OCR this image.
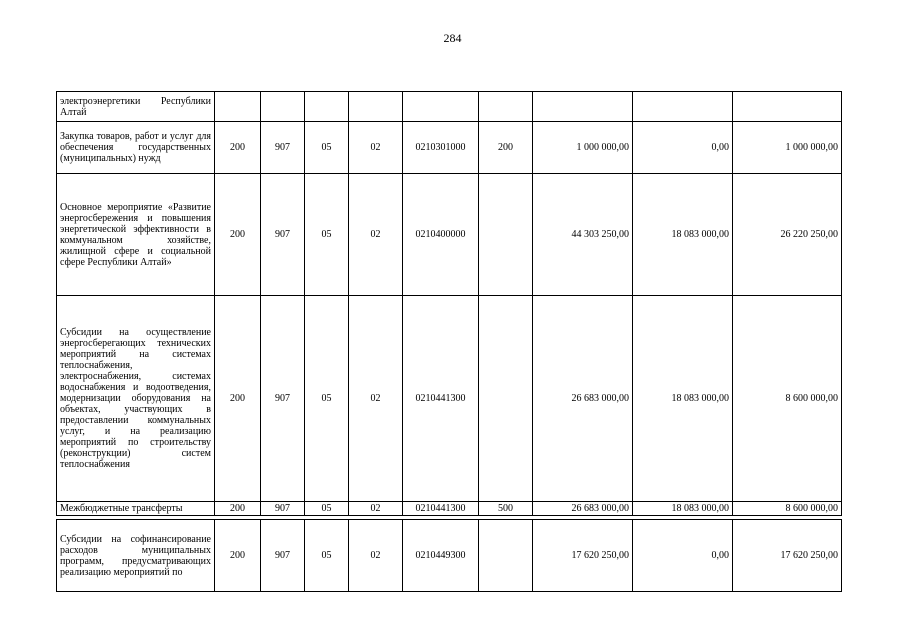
284
электроэнергетики Республики Алтай									
Закупка товаров, работ и услуг для обеспечения государственных (муниципальных) нужд	200	907	05	02	0210301000	200	1 000 000,00	0,00	1 000 000,00
Основное мероприятие «Развитие энергосбережения и повышения энергетической эффективности в коммунальном хозяйстве, жилищной сфере и социальной сфере Республики Алтай»	200	907	05	02	0210400000		44 303 250,00	18 083 000,00	26 220 250,00
Субсидии на осуществление энергосберегающих технических мероприятий на системах теплоснабжения, электроснабжения, системах водоснабжения и водоотведения, модернизации оборудования на объектах, участвующих в предоставлении коммунальных услуг, и на реализацию мероприятий по строительству (реконструкции) систем теплоснабжения	200	907	05	02	0210441300		26 683 000,00	18 083 000,00	8 600 000,00
Межбюджетные трансферты	200	907	05	02	0210441300	500	26 683 000,00	18 083 000,00	8 600 000,00

Субсидии на софинансирование расходов муниципальных программ, предусматривающих реализацию мероприятий по	200	907	05	02	0210449300		17 620 250,00	0,00	17 620 250,00
